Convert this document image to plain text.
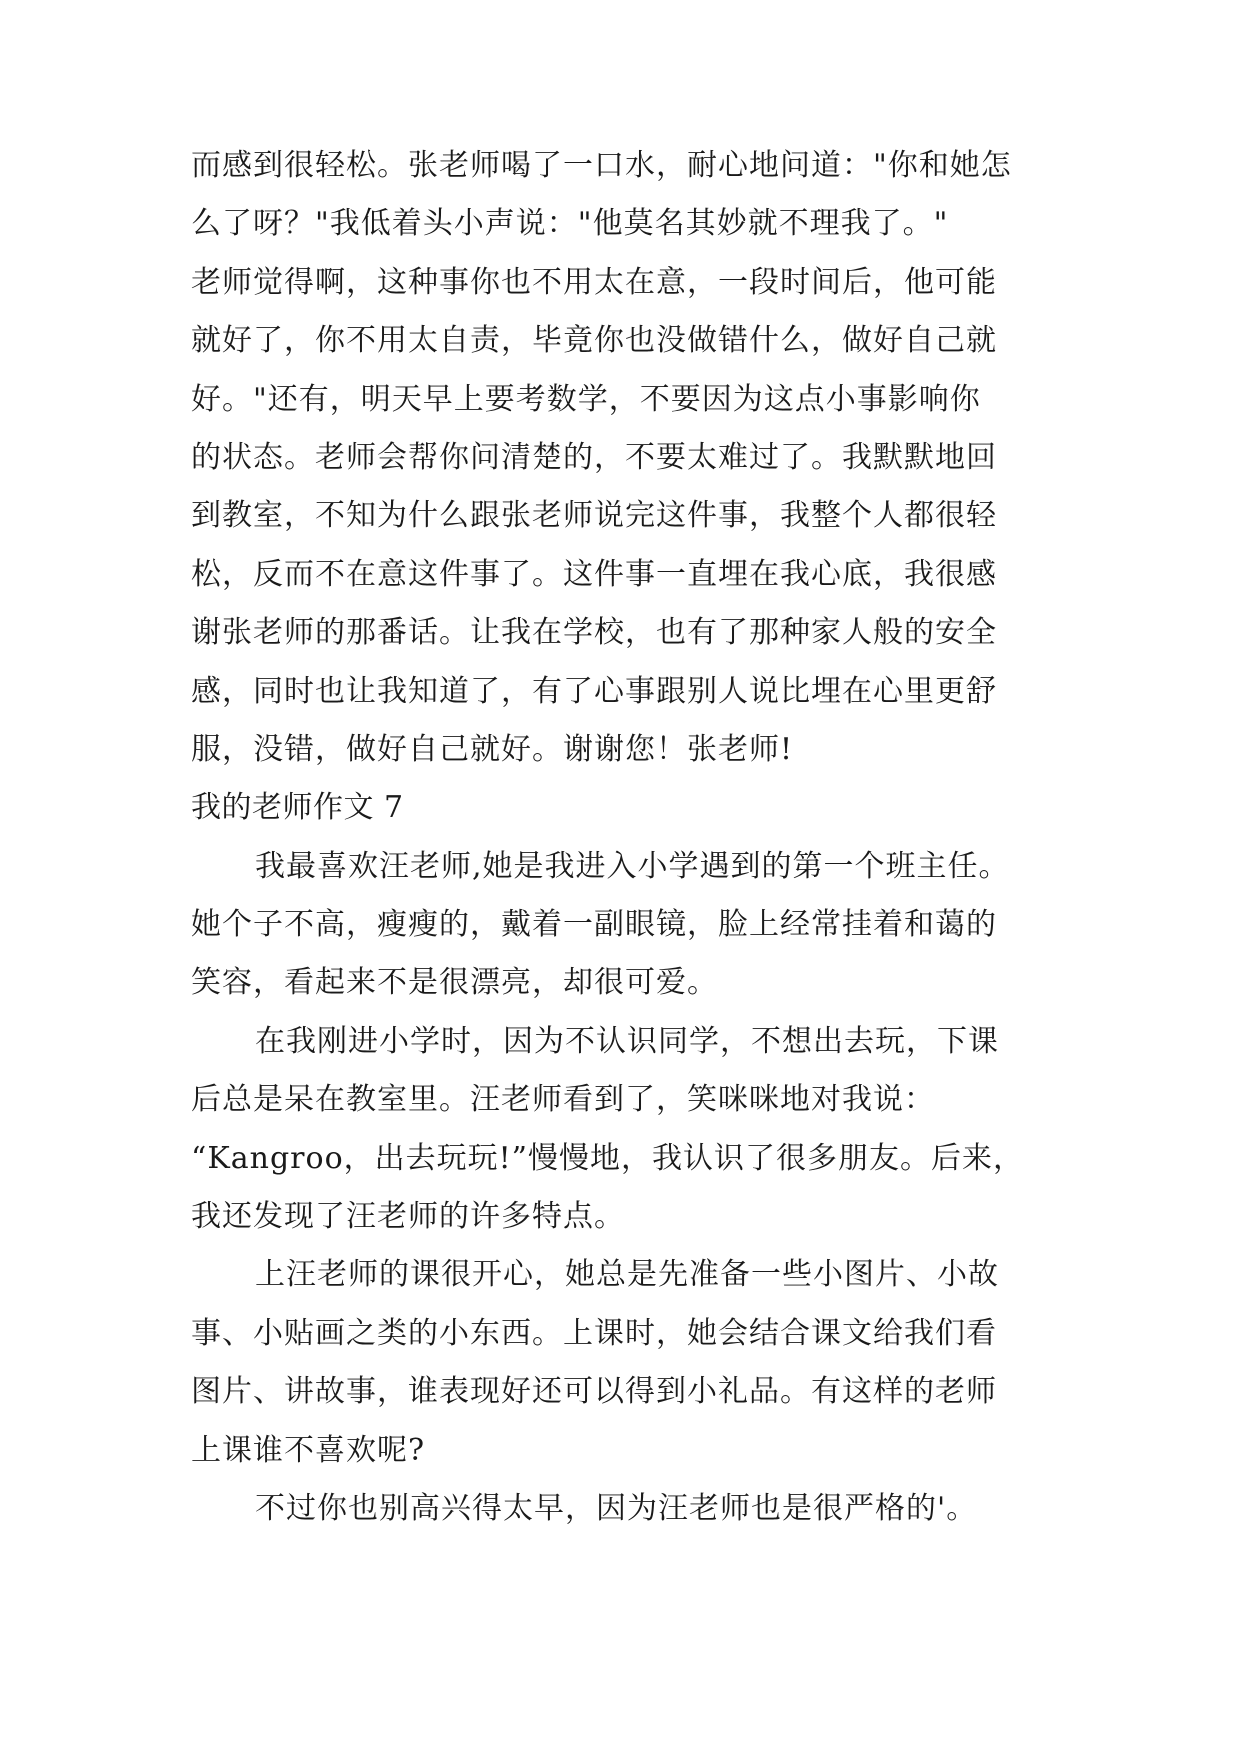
而感到很轻松。张老师喝了一口水，耐心地问道："你和她怎
么了呀？"我低着头小声说："他莫名其妙就不理我了。"
老师觉得啊，这种事你也不用太在意，一段时间后，他可能
就好了，你不用太自责，毕竟你也没做错什么，做好自己就
好。"还有，明天早上要考数学，不要因为这点小事影响你
的状态。老师会帮你问清楚的，不要太难过了。我默默地回
到教室，不知为什么跟张老师说完这件事，我整个人都很轻
松，反而不在意这件事了。这件事一直埋在我心底，我很感
谢张老师的那番话。让我在学校，也有了那种家人般的安全
感，同时也让我知道了，有了心事跟别人说比埋在心里更舒
服，没错，做好自己就好。谢谢您！张老师!
我的老师作文 7
我最喜欢汪老师,她是我进入小学遇到的第一个班主任。
她个子不高，瘦瘦的，戴着一副眼镜，脸上经常挂着和蔼的
笑容，看起来不是很漂亮，却很可爱。
在我刚进小学时，因为不认识同学，不想出去玩，下课
后总是呆在教室里。汪老师看到了，笑咪咪地对我说：
“Kangroo，出去玩玩!”慢慢地，我认识了很多朋友。后来，
我还发现了汪老师的许多特点。
上汪老师的课很开心，她总是先准备一些小图片、小故
事、小贴画之类的小东西。上课时，她会结合课文给我们看
图片、讲故事，谁表现好还可以得到小礼品。有这样的老师
上课谁不喜欢呢?
不过你也别高兴得太早，因为汪老师也是很严格的'。
